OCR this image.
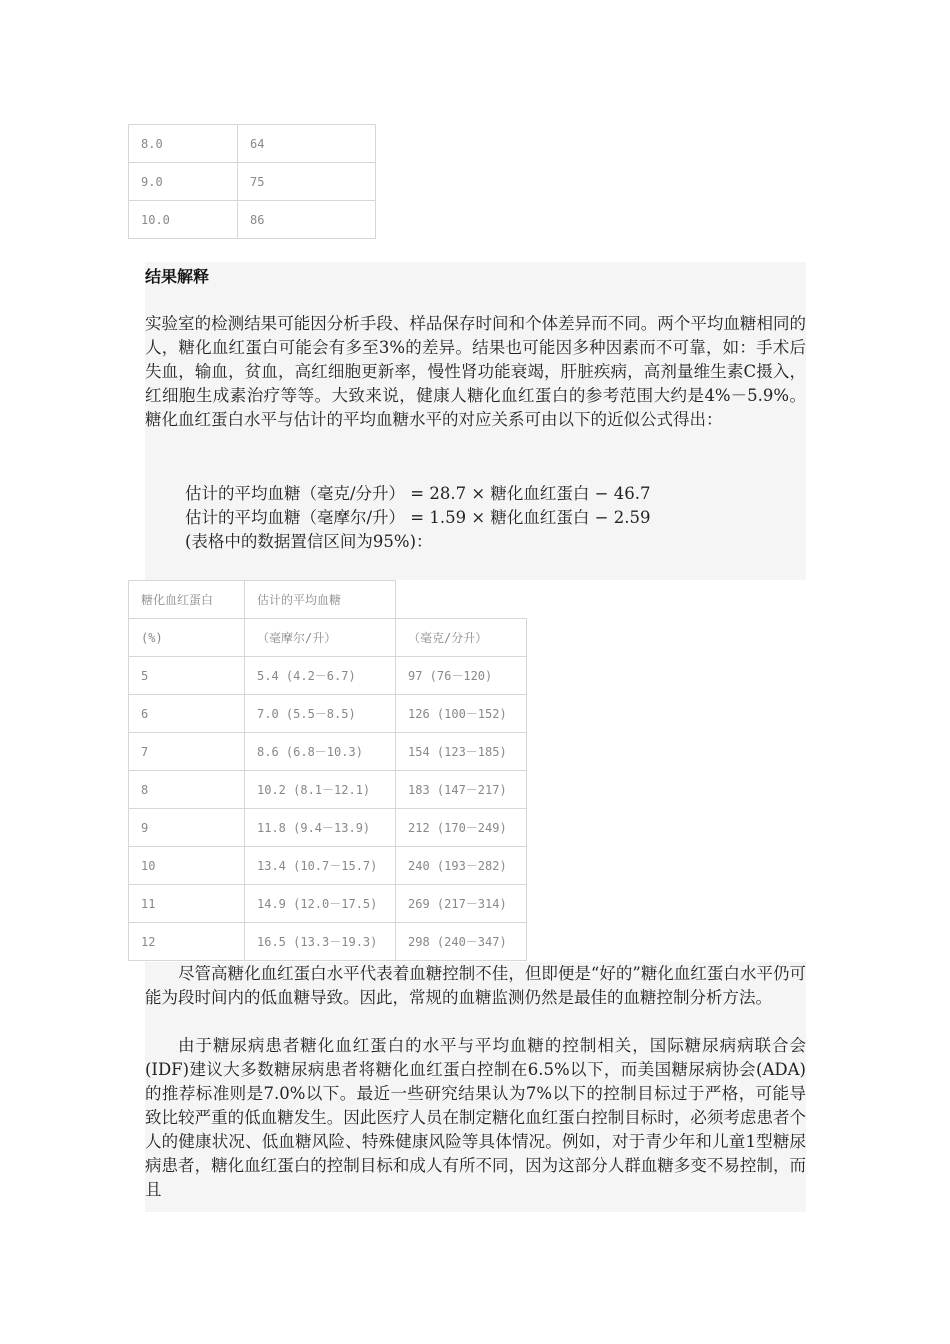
8.0	64
9.0	75
10.0	86
结果解释
实验室的检测结果可能因分析手段、样品保存时间和个体差异而不同。两个平均血糖相同的人，糖化血红蛋白可能会有多至3%的差异。结果也可能因多种因素而不可靠，如：手术后失血，输血，贫血，高红细胞更新率，慢性肾功能衰竭，肝脏疾病，高剂量维生素C摄入，红细胞生成素治疗等等。大致来说，健康人糖化血红蛋白的参考范围大约是4%－5.9%。糖化血红蛋白水平与估计的平均血糖水平的对应关系可由以下的近似公式得出：
估计的平均血糖（毫克/分升） = 28.7 × 糖化血红蛋白 − 46.7
估计的平均血糖（毫摩尔/升） = 1.59 × 糖化血红蛋白 − 2.59
(表格中的数据置信区间为95%)：
糖化血红蛋白	估计的平均血糖	
(%)	（毫摩尔/升）	（毫克/分升）
5	5.4 (4.2－6.7)	97 (76－120)
6	7.0 (5.5－8.5)	126 (100－152)
7	8.6 (6.8－10.3)	154 (123－185)
8	10.2 (8.1－12.1)	183 (147－217)
9	11.8 (9.4－13.9)	212 (170－249)
10	13.4 (10.7－15.7)	240 (193－282)
11	14.9 (12.0－17.5)	269 (217－314)
12	16.5 (13.3－19.3)	298 (240－347)
尽管高糖化血红蛋白水平代表着血糖控制不佳，但即便是“好的”糖化血红蛋白水平仍可能为段时间内的低血糖导致。因此，常规的血糖监测仍然是最佳的血糖控制分析方法。
由于糖尿病患者糖化血红蛋白的水平与平均血糖的控制相关，国际糖尿病病联合会(IDF)建议大多数糖尿病患者将糖化血红蛋白控制在6.5%以下，而美国糖尿病协会(ADA)的推荐标准则是7.0%以下。最近一些研究结果认为7%以下的控制目标过于严格，可能导致比较严重的低血糖发生。因此医疗人员在制定糖化血红蛋白控制目标时，必须考虑患者个人的健康状况、低血糖风险、特殊健康风险等具体情况。例如，对于青少年和儿童1型糖尿病患者，糖化血红蛋白的控制目标和成人有所不同，因为这部分人群血糖多变不易控制，而且
